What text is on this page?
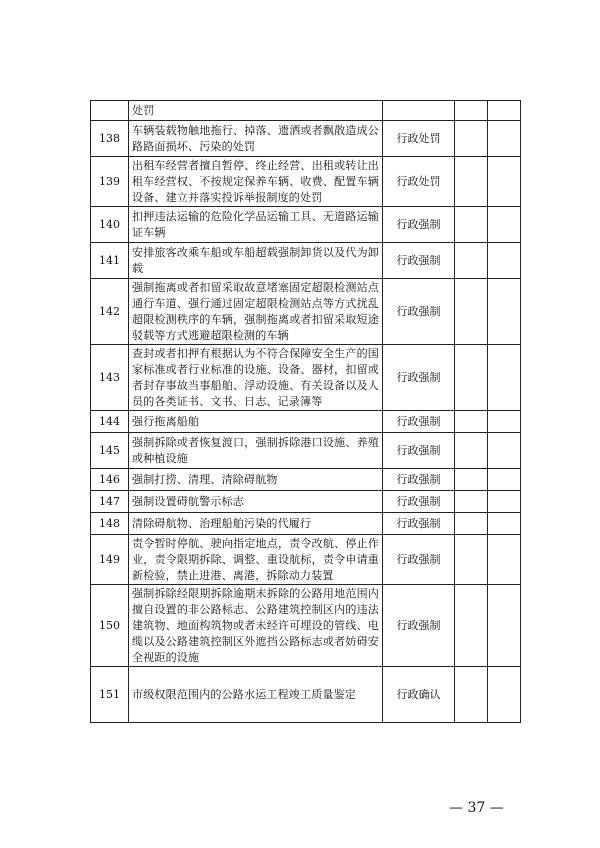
	处罚			
138	车辆装载物触地拖行、掉落、遗洒或者飘散造成公路路面损坏、污染的处罚	行政处罚		
139	出租车经营者擅自暂停、终止经营、出租或转让出租车经营权、不按规定保养车辆、收费、配置车辆设备、建立并落实投诉举报制度的处罚	行政处罚		
140	扣押违法运输的危险化学品运输工具、无道路运输证车辆	行政强制		
141	安排旅客改乘车船或车船超载强制卸货以及代为卸载	行政强制		
142	强制拖离或者扣留采取故意堵塞固定超限检测站点通行车道、强行通过固定超限检测站点等方式扰乱超限检测秩序的车辆，强制拖离或者扣留采取短途驳载等方式逃避超限检测的车辆	行政强制		
143	查封或者扣押有根据认为不符合保障安全生产的国家标准或者行业标准的设施、设备、器材，扣留或者封存事故当事船舶、浮动设施、有关设备以及人员的各类证书、文书、日志、记录簿等	行政强制		
144	强行拖离船舶	行政强制		
145	强制拆除或者恢复渡口，强制拆除港口设施、养殖或种植设施	行政强制		
146	强制打捞、清理、清除碍航物	行政强制		
147	强制设置碍航警示标志	行政强制		
148	清除碍航物、治理船舶污染的代履行	行政强制		
149	责令暂时停航、驶向指定地点，责令改航、停止作业，责令限期拆除、调整、重设航标，责令申请重新检验，禁止进港、离港，拆除动力装置	行政强制		
150	强制拆除经限期拆除逾期未拆除的公路用地范围内擅自设置的非公路标志、公路建筑控制区内的违法建筑物、地面构筑物或者未经许可埋设的管线、电缆以及公路建筑控制区外遮挡公路标志或者妨碍安全视距的设施	行政强制		
151	市级权限范围内的公路水运工程竣工质量鉴定	行政确认		
— 37 —
